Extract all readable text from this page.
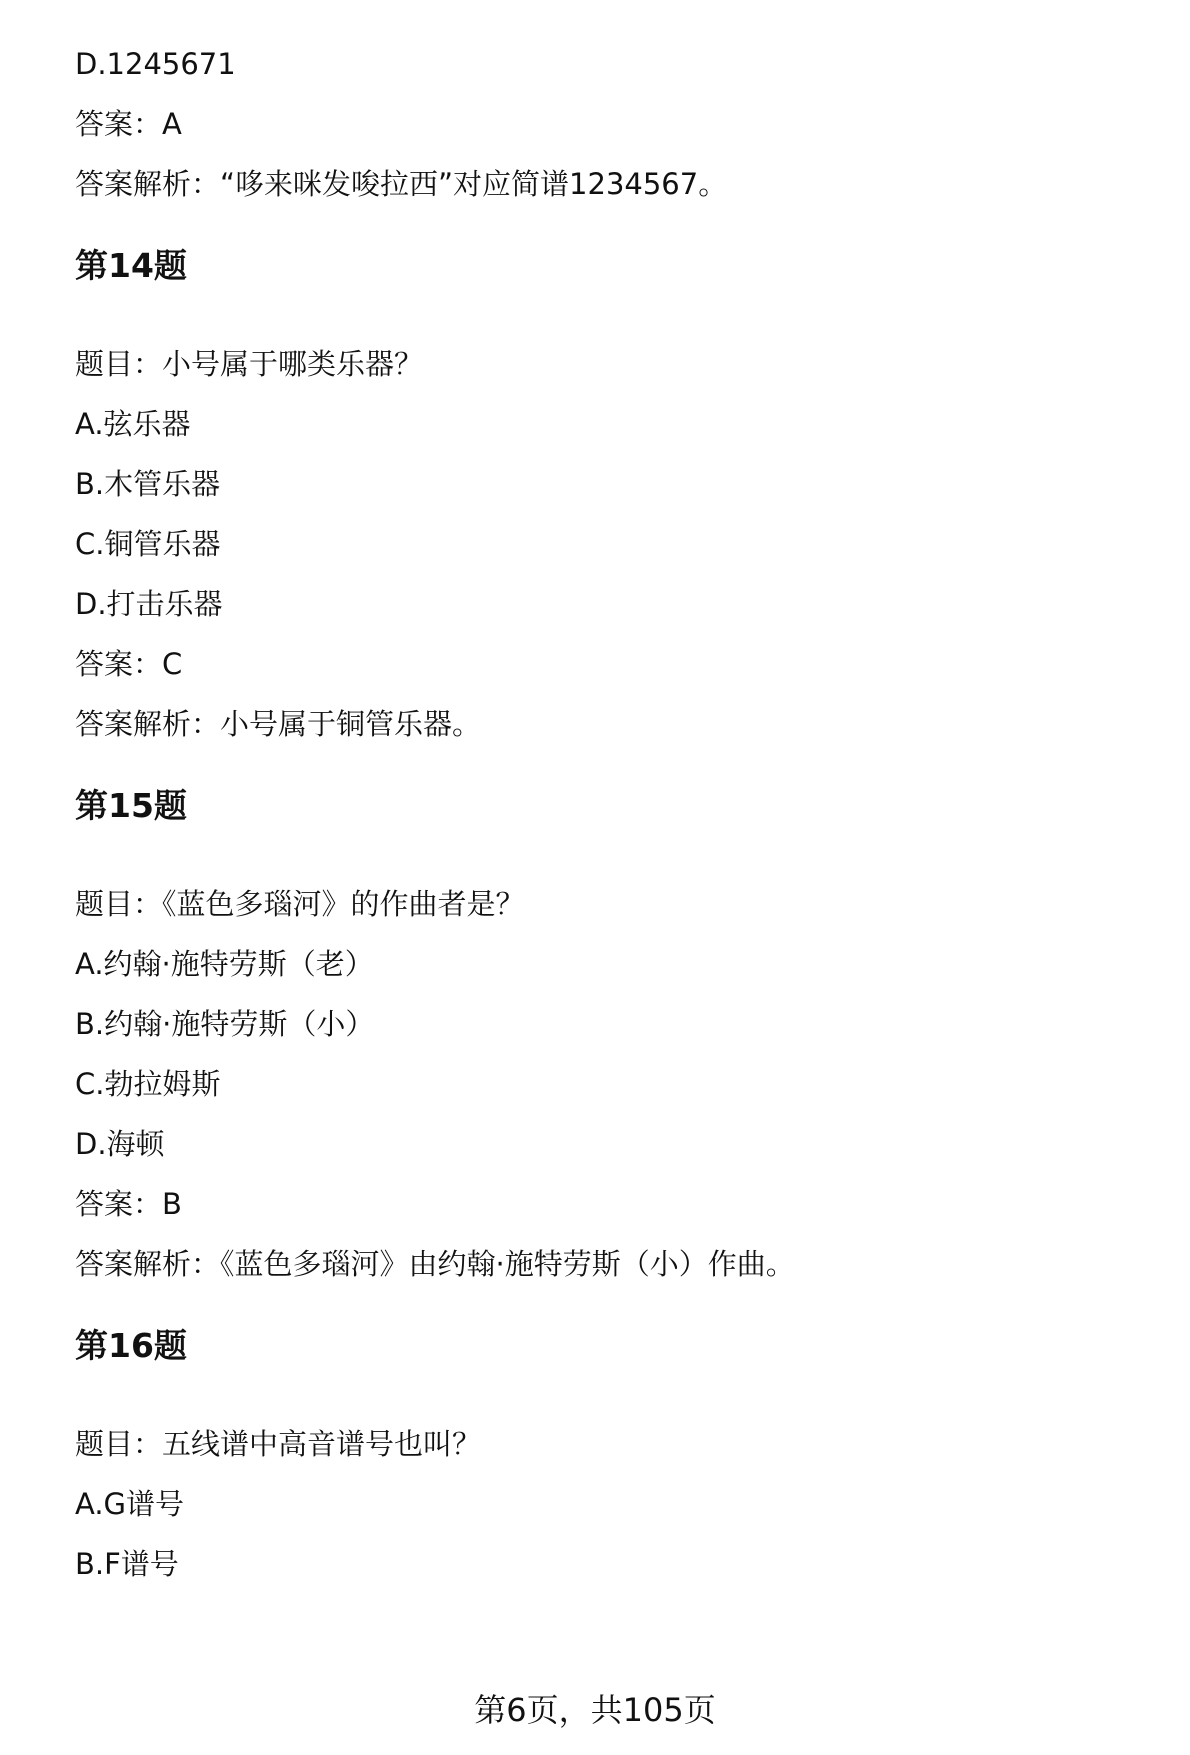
D.1245671
答案：A
答案解析：“哆来咪发唆拉西”对应简谱1234567。
第14题
题目：小号属于哪类乐器？
A.弦乐器
B.木管乐器
C.铜管乐器
D.打击乐器
答案：C
答案解析：小号属于铜管乐器。
第15题
题目：《蓝色多瑙河》的作曲者是？
A.约翰·施特劳斯（老）
B.约翰·施特劳斯（小）
C.勃拉姆斯
D.海顿
答案：B
答案解析：《蓝色多瑙河》由约翰·施特劳斯（小）作曲。
第16题
题目：五线谱中高音谱号也叫？
A.G谱号
B.F谱号
第6页，共105页
